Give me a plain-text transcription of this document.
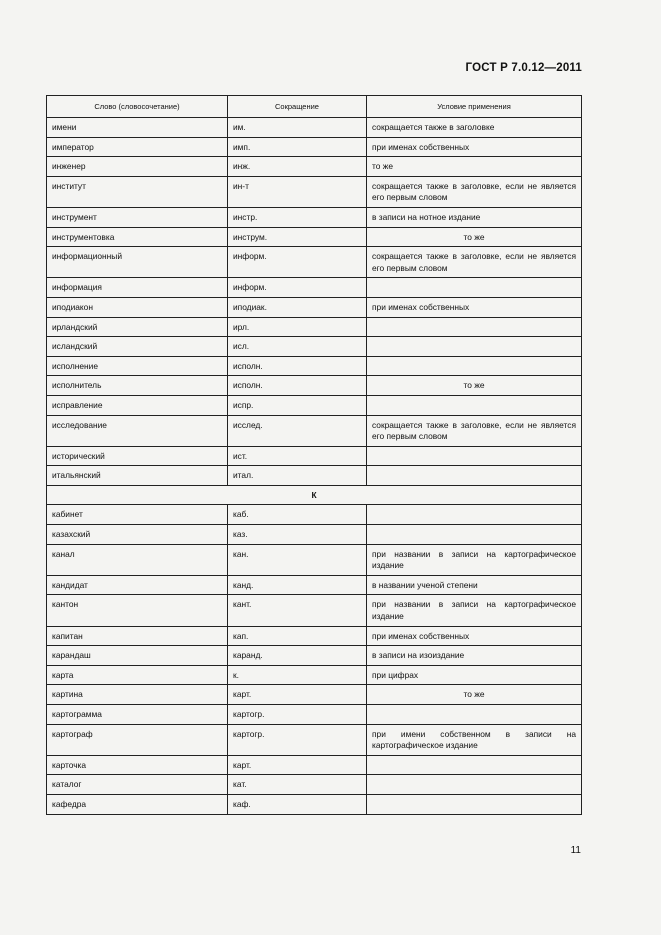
ГОСТ Р 7.0.12—2011
Слово (словосочетание)	Сокращение	Условие применения
имени	им.	сокращается также в заголовке
император	имп.	при именах собственных
инженер	инж.	то же
институт	ин-т	сокращается также в заголовке, если не является его первым словом
инструмент	инстр.	в записи на нотное издание
инструментовка	инструм.	то же
информационный	информ.	сокращается также в заголовке, если не является его первым словом
информация	информ.	
иподиакон	иподиак.	при именах собственных
ирландский	ирл.	
исландский	исл.	
исполнение	исполн.	
исполнитель	исполн.	то же
исправление	испр.	
исследование	исслед.	сокращается также в заголовке, если не является его первым словом
исторический	ист.	
итальянский	итал.	
К		
кабинет	каб.	
казахский	каз.	
канал	кан.	при названии в записи на картографическое издание
кандидат	канд.	в названии ученой степени
кантон	кант.	при названии в записи на картографическое издание
капитан	кап.	при именах собственных
карандаш	каранд.	в записи на изоиздание
карта	к.	при цифрах
картина	карт.	то же
картограмма	картогр.	
картограф	картогр.	при имени собственном в записи на картографическое издание
карточка	карт.	
каталог	кат.	
кафедра	каф.	
11
